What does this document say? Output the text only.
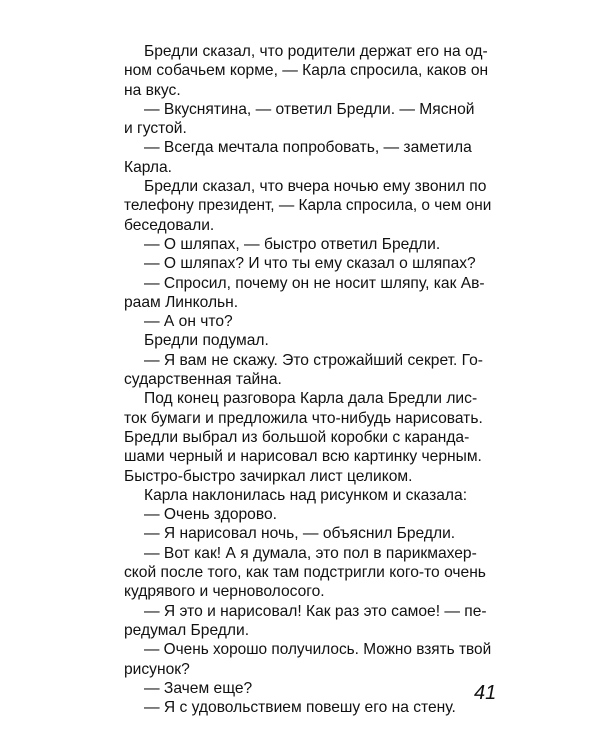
Бредли сказал, что родители держат его на од-
ном собачьем корме, — Карла спросила, каков он
на вкус.
— Вкуснятина, — ответил Бредли. — Мясной
и густой.
— Всегда мечтала попробовать, — заметила
Карла.
Бредли сказал, что вчера ночью ему звонил по
телефону президент, — Карла спросила, о чем они
беседовали.
— О шляпах, — быстро ответил Бредли.
— О шляпах? И что ты ему сказал о шляпах?
— Спросил, почему он не носит шляпу, как Ав-
раам Линкольн.
— А он что?
Бредли подумал.
— Я вам не скажу. Это строжайший секрет. Го-
сударственная тайна.
Под конец разговора Карла дала Бредли лис-
ток бумаги и предложила что-нибудь нарисовать.
Бредли выбрал из большой коробки с каранда-
шами черный и нарисовал всю картинку черным.
Быстро-быстро зачиркал лист целиком.
Карла наклонилась над рисунком и сказала:
— Очень здорово.
— Я нарисовал ночь, — объяснил Бредли.
— Вот как! А я думала, это пол в парикмахер-
ской после того, как там подстригли кого-то очень
кудрявого и черноволосого.
— Я это и нарисовал! Как раз это самое! — пе-
редумал Бредли.
— Очень хорошо получилось. Можно взять твой
рисунок?
— Зачем еще?
— Я с удовольствием повешу его на стену.
41
